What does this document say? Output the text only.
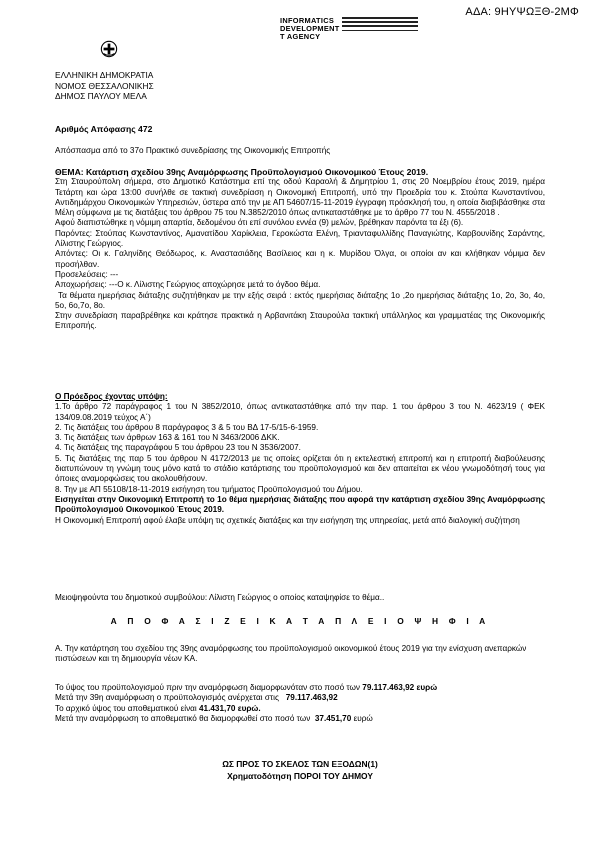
ΑΔΑ: 9ΗΥΨΩΞΘ-2ΜΦ
INFORMATICS
DEVELOPMENT
T AGENCY
ΕΛΛΗΝΙΚΗ ΔΗΜΟΚΡΑΤΙΑ
ΝΟΜΟΣ ΘΕΣΣΑΛΟΝΙΚΗΣ
ΔΗΜΟΣ ΠΑΥΛΟΥ ΜΕΛΑ
Αριθμός Απόφασης 472
Απόσπασμα από το 37ο Πρακτικό συνεδρίασης της Οικονομικής Επιτροπής

ΘΕΜΑ: Κατάρτιση σχεδίου 39ης Αναμόρφωσης Προϋπολογισμού Οικονομικού Έτους 2019.

Στη Σταυρούπολη σήμερα, στο Δημοτικό Κατάστημα επί της οδού Καραολή & Δημητρίου 1, στις 20 Νοεμβρίου έτους 2019, ημέρα Τετάρτη και ώρα 13:00 συνήλθε σε τακτική συνεδρίαση η Οικονομική Επιτροπή, υπό την Προεδρία του κ. Στούπα Κωνσταντίνου, Αντιδημάρχου Οικονομικών Υπηρεσιών, ύστερα από την με ΑΠ 54607/15-11-2019 έγγραφη πρόσκλησή του, η οποία διαβιβάσθηκε στα Μέλη σύμφωνα με τις διατάξεις του άρθρου 75 του Ν.3852/2010 όπως αντικαταστάθηκε με το άρθρο 77 του Ν. 4555/2018 .

Αφού διαπιστώθηκε η νόμιμη απαρτία, δεδομένου ότι επί συνόλου εννέα (9) μελών, βρέθηκαν παρόντα τα έξι (6).

Παρόντες: Στούπας Κωνσταντίνος, Αμανατίδου Χαρίκλεια, Γεροκώστα Ελένη, Τριανταφυλλίδης Παναγιώτης, Καρβουνίδης Σαράντης, Λίλιστης Γεώργιος.

Απόντες: Οι κ. Γαληνίδης Θεόδωρος, κ. Αναστασιάδης Βασίλειος και η κ. Μυρίδου Όλγα, οι οποίοι αν και κλήθηκαν νόμιμα δεν προσήλθαν.

Προσελεύσεις: ---

Αποχωρήσεις: ---Ο κ. Λίλιστης Γεώργιος αποχώρησε μετά το όγδοο θέμα.

Τα θέματα ημερήσιας διάταξης συζητήθηκαν με την εξής σειρά : εκτός ημερήσιας διάταξης 1ο ,2ο ημερήσιας διάταξης 1ο, 2ο, 3ο, 4ο, 5ο, 6ο,7ο, 8ο.

Στην συνεδρίαση παραβρέθηκε και κράτησε πρακτικά η Αρβανιτάκη Σταυρούλα τακτική υπάλληλος και γραμματέας της Οικονομικής Επιτροπής.

Ο Πρόεδρος έχοντας υπόψη:

1.Το άρθρο 72 παράγραφος 1 του Ν 3852/2010, όπως αντικαταστάθηκε από την παρ. 1 του άρθρου 3 του Ν. 4623/19 ( ΦΕΚ 134/09.08.2019 τεύχος Α΄)

2. Τις διατάξεις του άρθρου 8 παράγραφος 3 & 5 του ΒΔ 17-5/15-6-1959.

3. Τις διατάξεις των άρθρων 163 & 161 του Ν 3463/2006 ΔΚΚ.

4. Τις διατάξεις της παραγράφου 5 του άρθρου 23 του Ν 3536/2007.

5. Τις διατάξεις της παρ 5 του άρθρου Ν 4172/2013 με τις οποίες ορίζεται ότι η εκτελεστική επιτροπή και η επιτροπή διαβούλευσης διατυπώνουν τη γνώμη τους μόνο κατά το στάδιο κατάρτισης του προϋπολογισμού και δεν απαιτείται εκ νέου γνωμοδότησή τους για όποιες αναμορφώσεις του ακολουθήσουν.

8. Την με ΑΠ 55108/18-11-2019 εισήγηση του τμήματος Προϋπολογισμού του Δήμου.

Εισηγείται στην Οικονομική Επιτροπή το 1ο θέμα ημερήσιας διάταξης που αφορά την κατάρτιση σχεδίου 39ης Αναμόρφωσης Προϋπολογισμού Οικονομικού Έτους 2019.

Η Οικονομική Επιτροπή αφού έλαβε υπόψη τις σχετικές διατάξεις και την εισήγηση της υπηρεσίας, μετά από διαλογική συζήτηση

Μειοψηφούντα του δημοτικού συμβούλου: Λίλιστη Γεώργιος ο οποίος καταψηφίσε το θέμα..
Α Π Ο Φ Α Σ Ι Ζ Ε Ι Κ Α Τ Α Π Λ Ε Ι Ο Ψ Η Φ Ι Α
Α. Την κατάρτηση του σχεδίου της 39ης αναμόρφωσης του προϋπολογισμού οικονομικού έτους 2019 για την ενίσχυση ανεπαρκών πιστώσεων και τη δημιουργία νέων ΚΑ.
Το ύψος του προϋπολογισμού πριν την αναμόρφωση διαμορφωνόταν στο ποσό των 79.117.463,92 ευρώ
Μετά την 39η αναμόρφωση ο προϋπολογισμός ανέρχεται στις 79.117.463,92
Το αρχικό ύψος του αποθεματικού είναι 41.431,70 ευρώ.
Μετά την αναμόρφωση το αποθεματικό θα διαμορφωθεί στο ποσό των 37.451,70 ευρώ
ΩΣ ΠΡΟΣ ΤΟ ΣΚΕΛΟΣ ΤΩΝ ΕΞΟΔΩΝ(1)
Χρηματοδότηση ΠΟΡΟΙ ΤΟΥ ΔΗΜΟΥ
